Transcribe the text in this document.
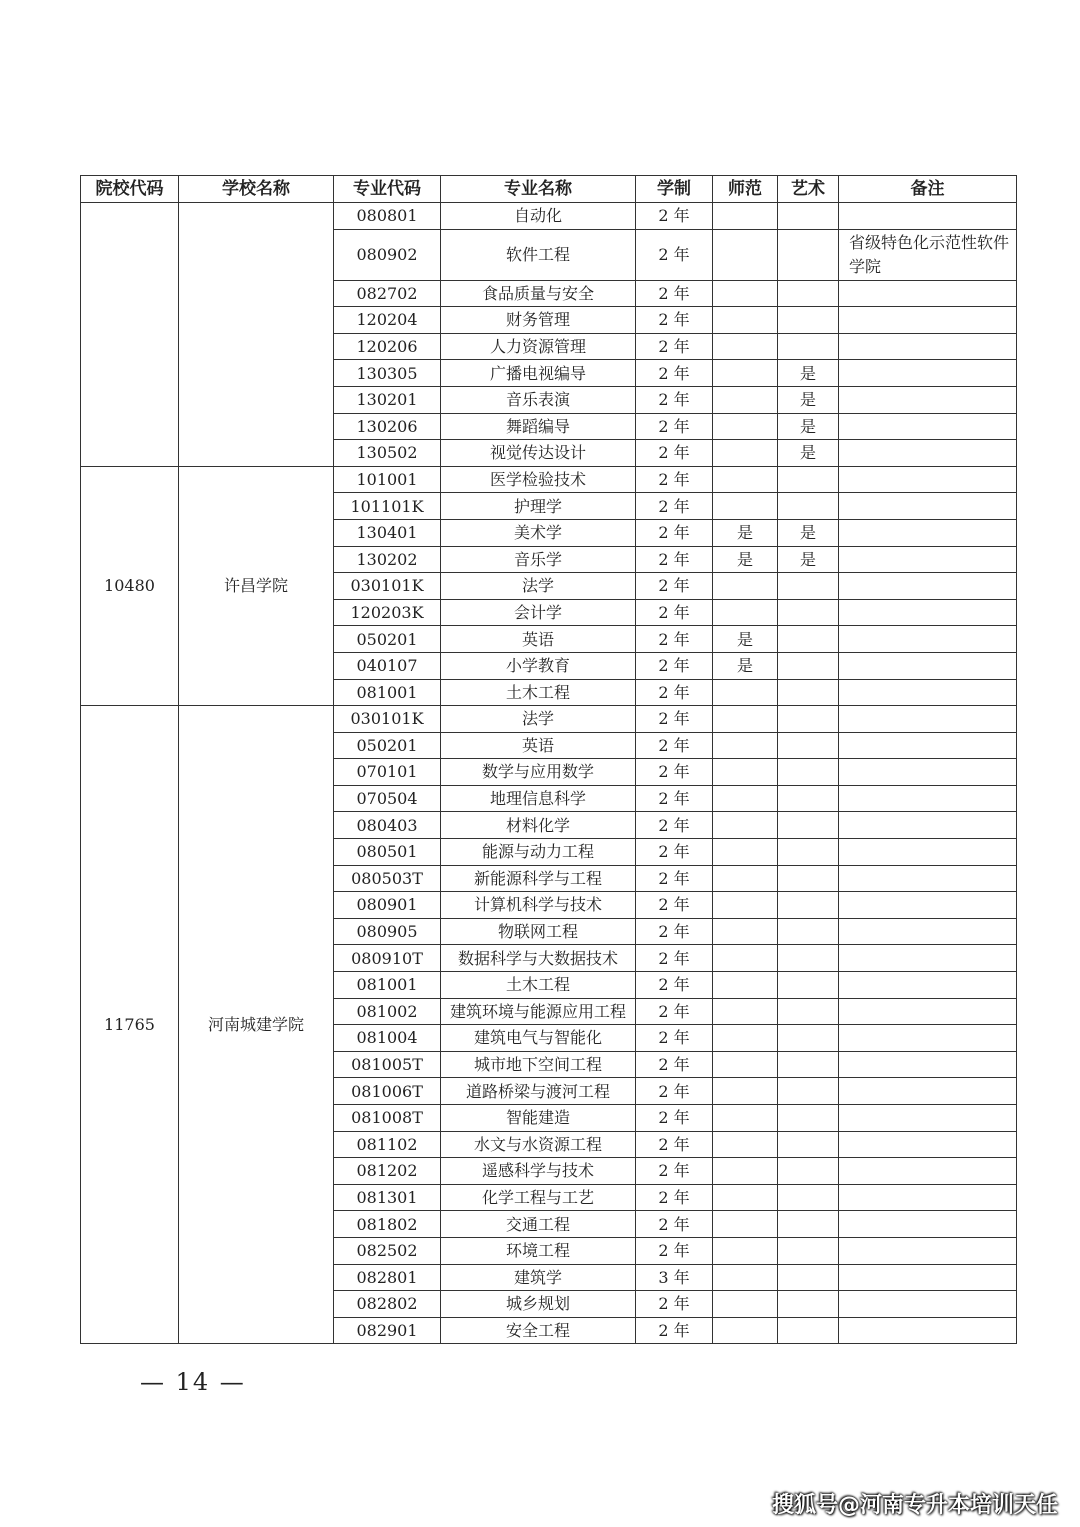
院校代码	学校名称	专业代码	专业名称	学制	师范	艺术	备注
		080801	自动化	2 年			
		080902	软件工程	2 年			省级特色化示范性软件学院
		082702	食品质量与安全	2 年			
		120204	财务管理	2 年			
		120206	人力资源管理	2 年			
		130305	广播电视编导	2 年		是	
		130201	音乐表演	2 年		是	
		130206	舞蹈编导	2 年		是	
		130502	视觉传达设计	2 年		是	
10480	许昌学院	101001	医学检验技术	2 年			
		101101K	护理学	2 年			
		130401	美术学	2 年	是	是	
		130202	音乐学	2 年	是	是	
		030101K	法学	2 年			
		120203K	会计学	2 年			
		050201	英语	2 年	是		
		040107	小学教育	2 年	是		
		081001	土木工程	2 年			
11765	河南城建学院	030101K	法学	2 年			
		050201	英语	2 年			
		070101	数学与应用数学	2 年			
		070504	地理信息科学	2 年			
		080403	材料化学	2 年			
		080501	能源与动力工程	2 年			
		080503T	新能源科学与工程	2 年			
		080901	计算机科学与技术	2 年			
		080905	物联网工程	2 年			
		080910T	数据科学与大数据技术	2 年			
		081001	土木工程	2 年			
		081002	建筑环境与能源应用工程	2 年			
		081004	建筑电气与智能化	2 年			
		081005T	城市地下空间工程	2 年			
		081006T	道路桥梁与渡河工程	2 年			
		081008T	智能建造	2 年			
		081102	水文与水资源工程	2 年			
		081202	遥感科学与技术	2 年			
		081301	化学工程与工艺	2 年			
		081802	交通工程	2 年			
		082502	环境工程	2 年			
		082801	建筑学	3 年			
		082802	城乡规划	2 年			
		082901	安全工程	2 年			
— 14 —
搜狐号@河南专升本培训天任
